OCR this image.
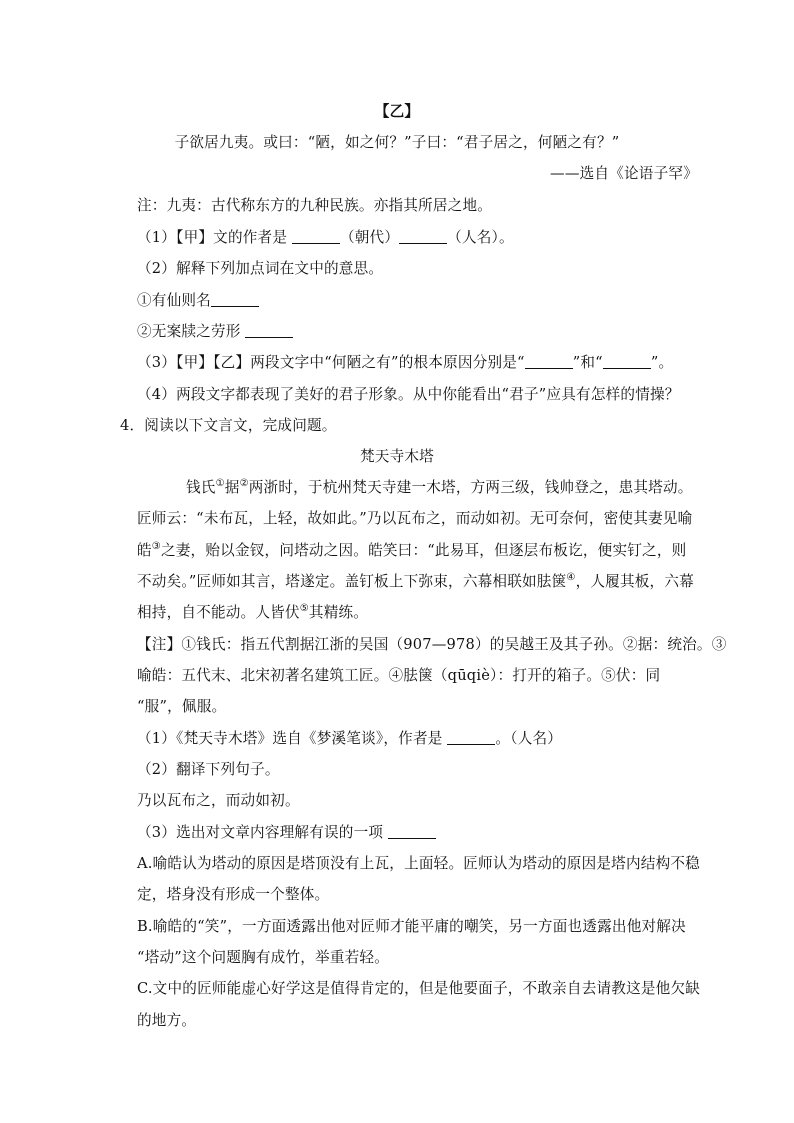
【乙】
子欲居九夷。或曰：“陋，如之何？”子曰：“君子居之，何陋之有？”
——选自《论语子罕》
注：九夷：古代称东方的九种民族。亦指其所居之地。
（1）【甲】文的作者是	（朝代）	（人名）。
（2）解释下列加点词在文中的意思。
①有仙则名
②无案牍之劳形
（3）【甲】【乙】两段文字中“何陋之有”的根本原因分别是“	”和“	”。
（4）两段文字都表现了美好的君子形象。从中你能看出“君子”应具有怎样的情操？
4．阅读以下文言文，完成问题。
梵天寺木塔
钱氏①据②两浙时，于杭州梵天寺建一木塔，方两三级，钱帅登之，患其塔动。
匠师云：“未布瓦，上轻，故如此。”乃以瓦布之，而动如初。无可奈何，密使其妻见喻
皓③之妻，贻以金钗，问塔动之因。皓笑曰：“此易耳，但逐层布板讫，便实钉之，则
不动矣。”匠师如其言，塔遂定。盖钉板上下弥束，六幕相联如胠箧④，人履其板，六幕
相持，自不能动。人皆伏⑤其精练。
【注】①钱氏：指五代割据江浙的吴国（907—978）的吴越王及其子孙。②据：统治。③
喻皓：五代末、北宋初著名建筑工匠。④胠箧（qūqiè）：打开的箱子。⑤伏：同
“服”，佩服。
（1）《梵天寺木塔》选自《梦溪笔谈》，作者是	。（人名）
（2）翻译下列句子。
乃以瓦布之，而动如初。
（3）选出对文章内容理解有误的一项
A.喻皓认为塔动的原因是塔顶没有上瓦，上面轻。匠师认为塔动的原因是塔内结构不稳
定，塔身没有形成一个整体。
B.喻皓的“笑”，一方面透露出他对匠师才能平庸的嘲笑，另一方面也透露出他对解决
“塔动”这个问题胸有成竹，举重若轻。
C.文中的匠师能虚心好学这是值得肯定的，但是他要面子，不敢亲自去请教这是他欠缺
的地方。
